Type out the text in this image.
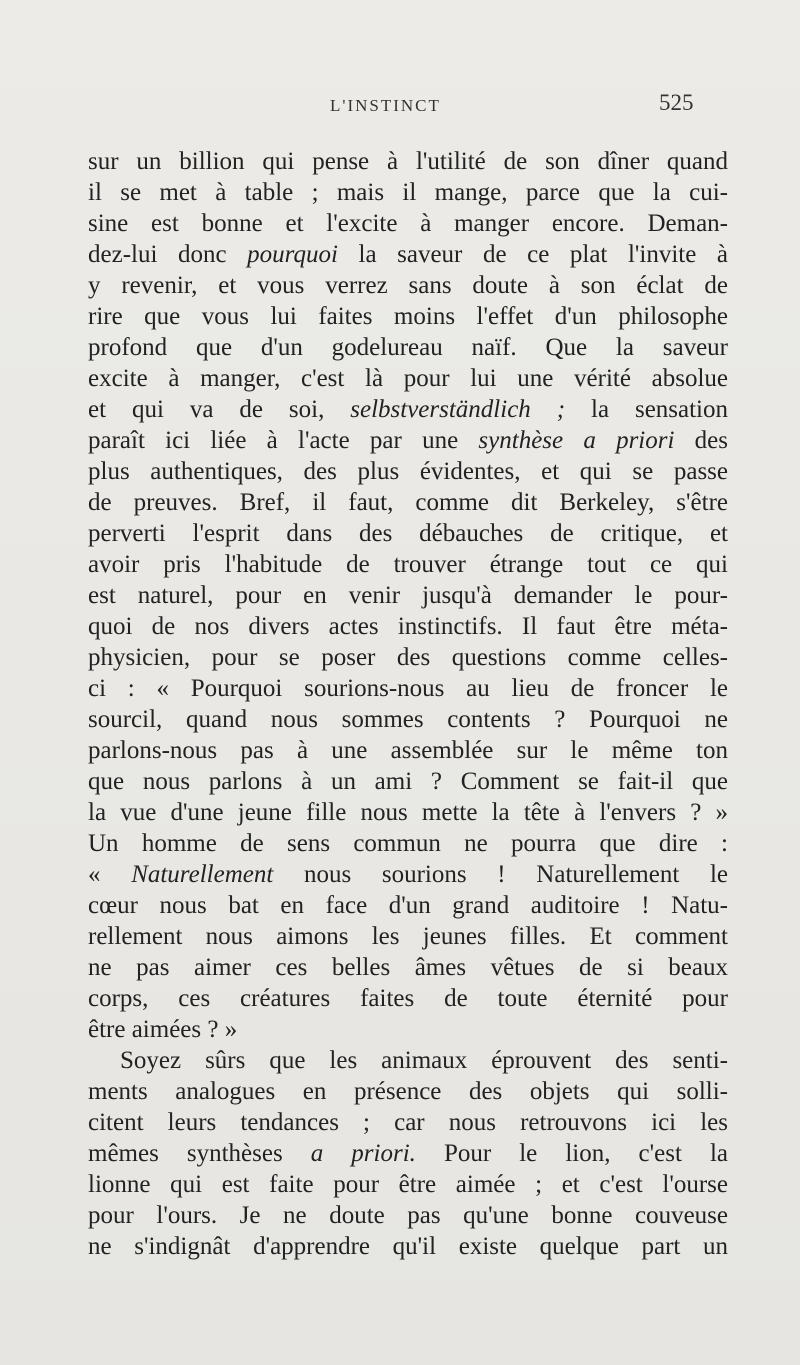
L'INSTINCT	525
sur un billion qui pense à l'utilité de son dîner quand
il se met à table ; mais il mange, parce que la cui-
sine est bonne et l'excite à manger encore. Deman-
dez-lui donc pourquoi la saveur de ce plat l'invite à
y revenir, et vous verrez sans doute à son éclat de
rire que vous lui faites moins l'effet d'un philosophe
profond que d'un godelureau naïf. Que la saveur
excite à manger, c'est là pour lui une vérité absolue
et qui va de soi, selbstverständlich ; la sensation
paraît ici liée à l'acte par une synthèse a priori des
plus authentiques, des plus évidentes, et qui se passe
de preuves. Bref, il faut, comme dit Berkeley, s'être
perverti l'esprit dans des débauches de critique, et
avoir pris l'habitude de trouver étrange tout ce qui
est naturel, pour en venir jusqu'à demander le pour-
quoi de nos divers actes instinctifs. Il faut être méta-
physicien, pour se poser des questions comme celles-
ci : « Pourquoi sourions-nous au lieu de froncer le
sourcil, quand nous sommes contents ? Pourquoi ne
parlons-nous pas à une assemblée sur le même ton
que nous parlons à un ami ? Comment se fait-il que
la vue d'une jeune fille nous mette la tête à l'envers ? »
Un homme de sens commun ne pourra que dire :
« Naturellement nous sourions ! Naturellement le
cœur nous bat en face d'un grand auditoire ! Natu-
rellement nous aimons les jeunes filles. Et comment
ne pas aimer ces belles âmes vêtues de si beaux
corps, ces créatures faites de toute éternité pour
être aimées ? »
Soyez sûrs que les animaux éprouvent des senti-
ments analogues en présence des objets qui solli-
citent leurs tendances ; car nous retrouvons ici les
mêmes synthèses a priori. Pour le lion, c'est la
lionne qui est faite pour être aimée ; et c'est l'ourse
pour l'ours. Je ne doute pas qu'une bonne couveuse
ne s'indignât d'apprendre qu'il existe quelque part un
